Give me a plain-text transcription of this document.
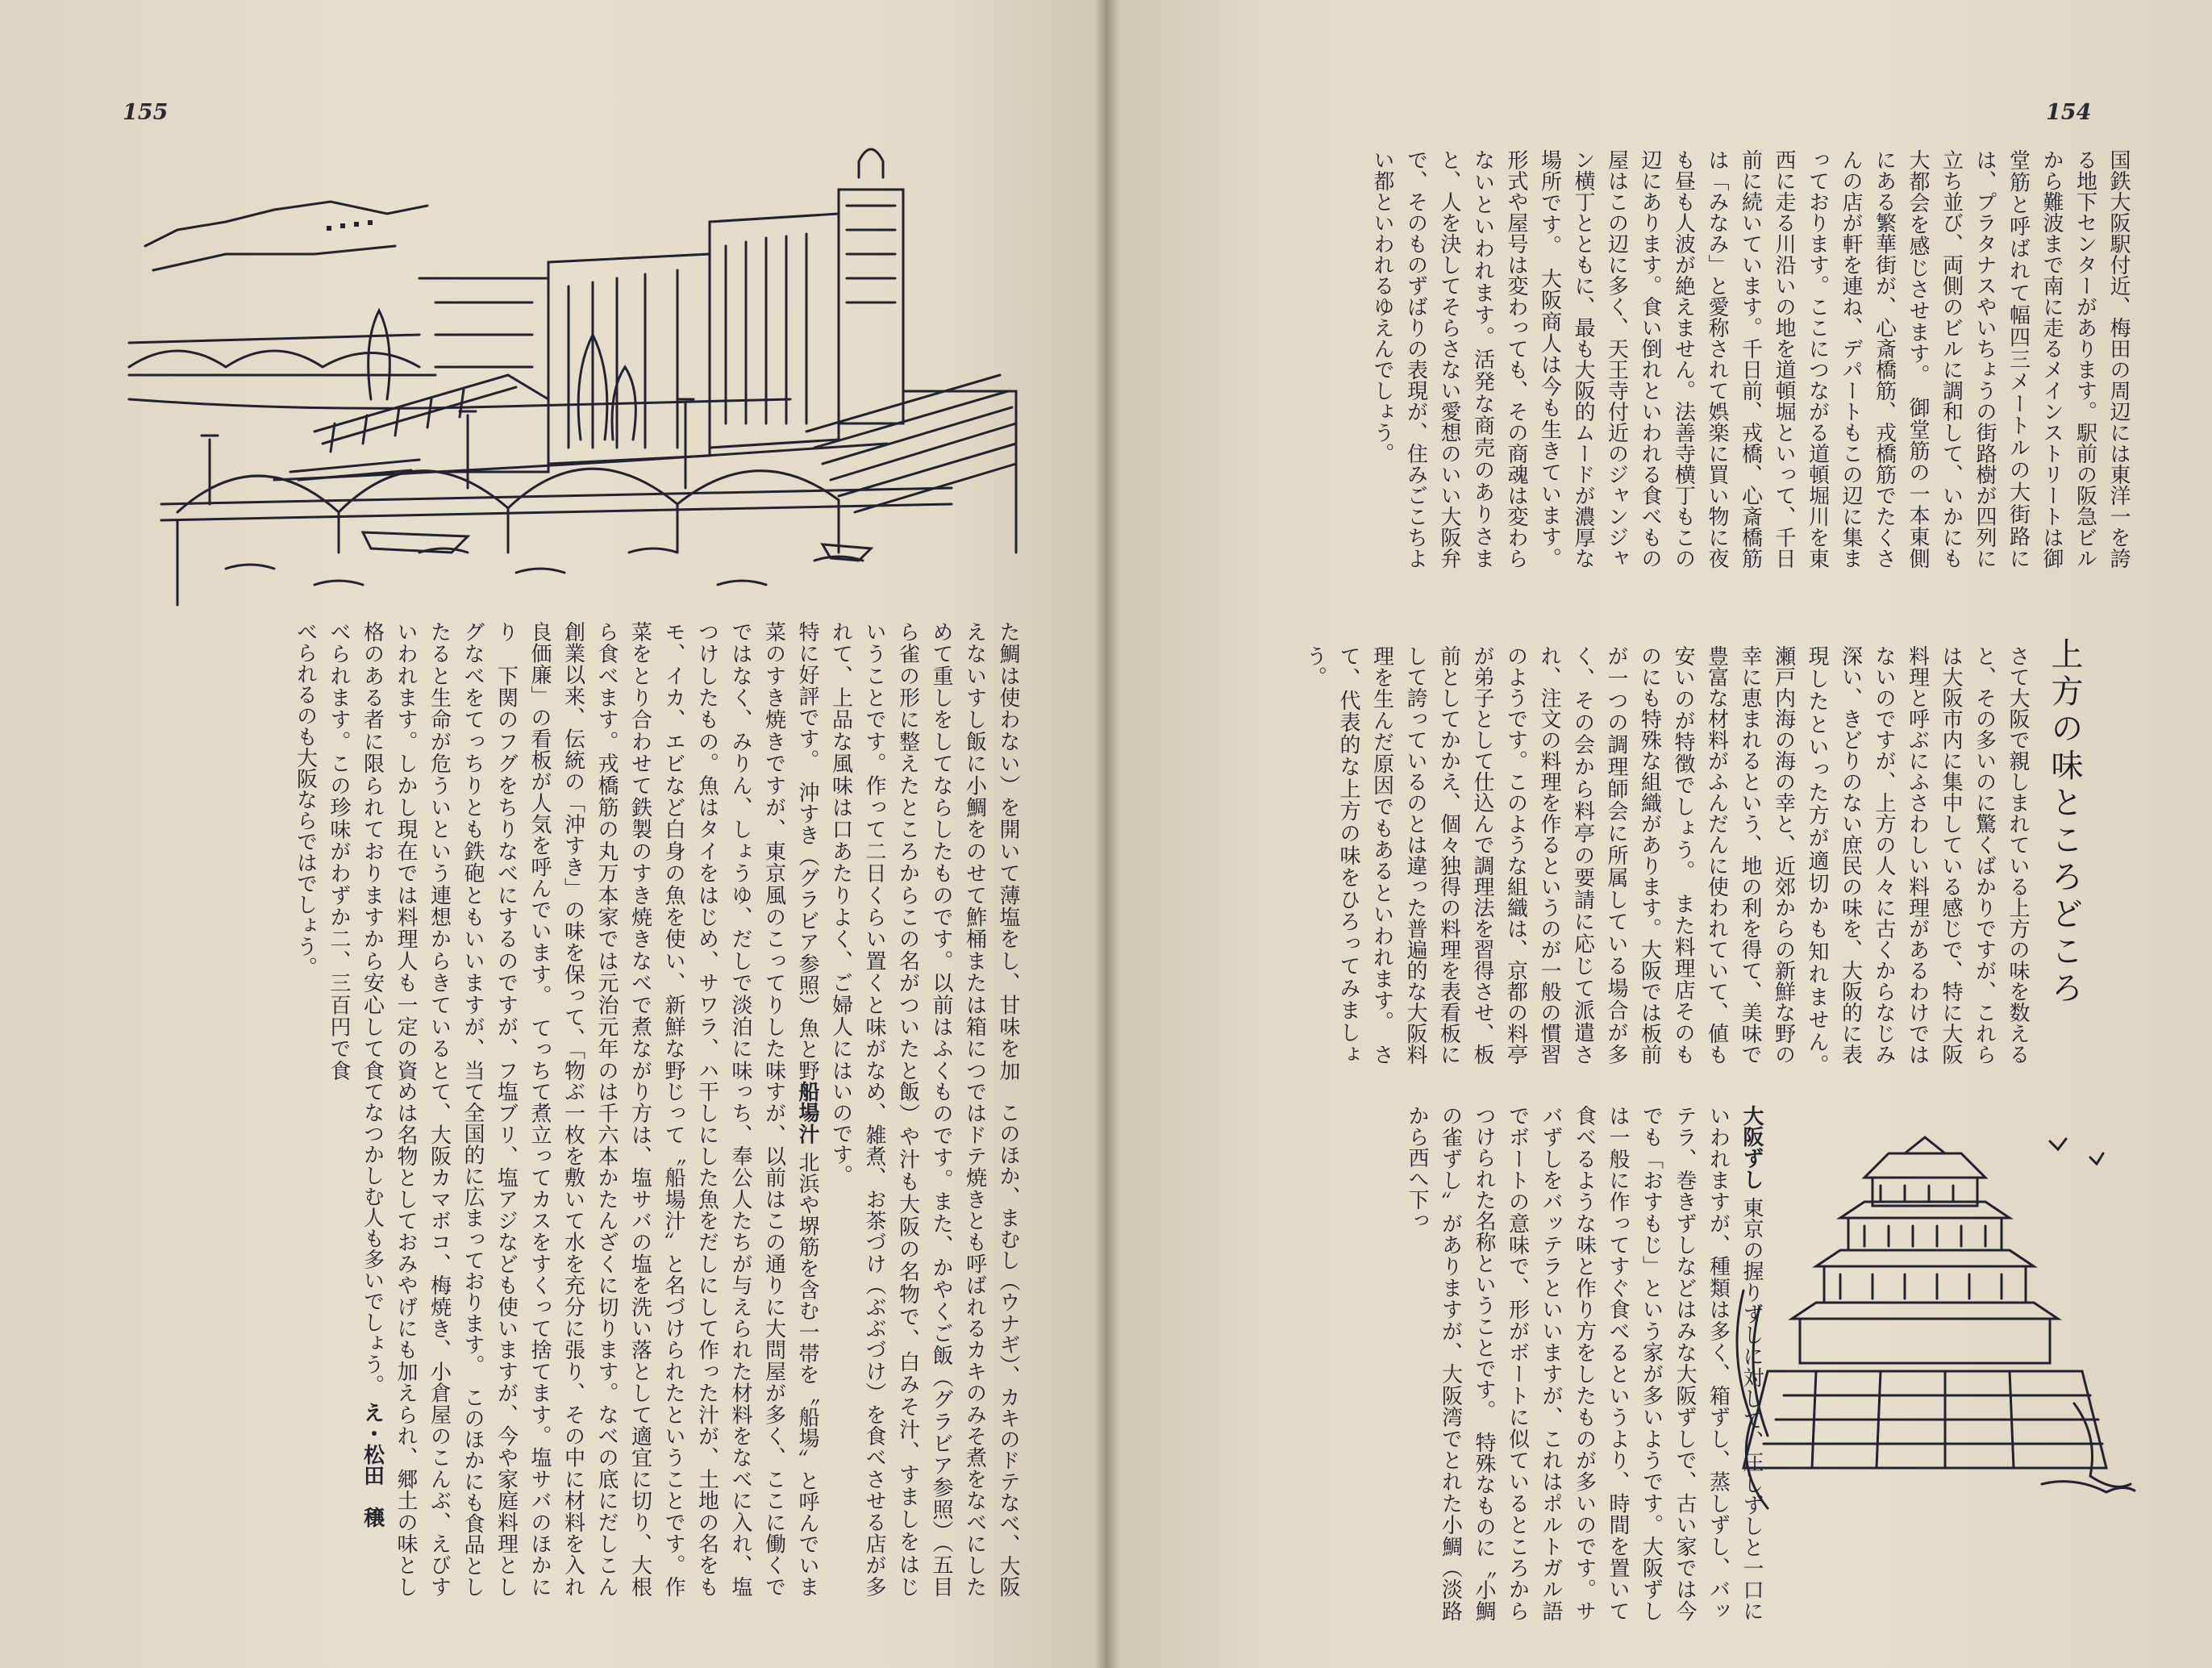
155

た鯛は使わない）を開いて薄塩をし、甘味を加えないすし飯に小鯛をのせて鮓桶または箱につめて重しをしてならしたものです。以前はふくら雀の形に整えたところからこの名がついたということです。作って二日くらい置くと味がなれて、上品な風味は口あたりよく、ご婦人には特に好評です。　沖すき（グラビア参照）魚と野菜のすき焼きですが、東京風のこってりした味ではなく、みりん、しょうゆ、だしで淡泊に味つけしたもの。魚はタイをはじめ、サワラ、ハモ、イカ、エビなど白身の魚を使い、新鮮な野菜をとり合わせて鉄製のすき焼きなべで煮ながら食べます。戎橋筋の丸万本家では元治元年の創業以来、伝統の「沖すき」の味を保って、「物良価廉」の看板が人気を呼んでいます。　てっちり　下関のフグをちりなべにするのですが、フグなべをてっちりとも鉄砲ともいいますが、当たると生命が危ういという連想からきているといわれます。しかし現在では料理人も一定の資格のある者に限られておりますから安心して食べられます。この珍味がわずか二、三百円で食べられるのも大阪ならではでしょう。

　このほか、まむし（ウナギ）、カキのドテなべ、大阪ではドテ焼きとも呼ばれるカキのみそ煮をなべにしたものです。また、かやくご飯（グラビア参照）（五目飯）や汁も大阪の名物で、白みそ汁、すましをはじめ、雑煮、お茶づけ（ぶぶづけ）を食べさせる店が多いのです。

船場汁 北浜や堺筋を含む一帯を〝船場〟と呼んでいますが、以前はこの通りに大問屋が多く、ここに働くでっち、奉公人たちが与えられた材料をなべに入れ、塩干しにした魚をだしにして作った汁が、土地の名をもじって〝船場汁〟と名づけられたということです。作り方は、塩サバの塩を洗い落として適宜に切り、大根は千六本かたんざくに切ります。なべの底にだしこんぶ一枚を敷いて水を充分に張り、その中に材料を入れて煮立ってカスをすくって捨てます。塩サバのほかに塩ブリ、塩アジなども使いますが、今や家庭料理として全国的に広まっております。　このほかにも食品として、大阪カマボコ、梅焼き、小倉屋のこんぶ、えびすめは名物としておみやげにも加えられ、郷土の味としてなつかしむ人も多いでしょう。 え・松田　穣

154

国鉄大阪駅付近、梅田の周辺には東洋一を誇る地下センターがあります。駅前の阪急ビルから難波まで南に走るメインストリートは御堂筋と呼ばれて幅四三メートルの大街路には、プラタナスやいちょうの街路樹が四列に立ち並び、両側のビルに調和して、いかにも大都会を感じさせます。　御堂筋の一本東側にある繁華街が、心斎橋筋、戎橋筋でたくさんの店が軒を連ね、デパートもこの辺に集まっております。ここにつながる道頓堀川を東西に走る川沿いの地を道頓堀といって、千日前に続いています。千日前、戎橋、心斎橋筋は「みなみ」と愛称されて娯楽に買い物に夜も昼も人波が絶えません。法善寺横丁もこの辺にあります。食い倒れといわれる食べもの屋はこの辺に多く、天王寺付近のジャンジャン横丁とともに、最も大阪的ムードが濃厚な場所です。　大阪商人は今も生きています。形式や屋号は変わっても、その商魂は変わらないといわれます。活発な商売のありさまと、人を決してそらさない愛想のいい大阪弁で、そのものずばりの表現が、住みごこちよい都といわれるゆえんでしょう。

上方の味ところどころ

さて大阪で親しまれている上方の味を数えると、その多いのに驚くばかりですが、これらは大阪市内に集中している感じで、特に大阪料理と呼ぶにふさわしい料理があるわけではないのですが、上方の人々に古くからなじみ深い、きどりのない庶民の味を、大阪的に表現したといった方が適切かも知れません。　瀬戸内海の海の幸と、近郊からの新鮮な野の幸に恵まれるという、地の利を得て、美味で豊富な材料がふんだんに使われていて、値も安いのが特徴でしょう。　また料理店そのものにも特殊な組織があります。大阪では板前が一つの調理師会に所属している場合が多く、その会から料亭の要請に応じて派遣され、注文の料理を作るというのが一般の慣習のようです。このような組織は、京都の料亭が弟子として仕込んで調理法を習得させ、板前としてかかえ、個々独得の料理を表看板にして誇っているのとは違った普遍的な大阪料理を生んだ原因でもあるといわれます。　さて、代表的な上方の味をひろってみましょう。

大阪ずし 東京の握りずしに対して、圧しずしと一口にいわれますが、種類は多く、箱ずし、蒸しずし、バッテラ、巻きずしなどはみな大阪ずしで、古い家では今でも「おすもじ」という家が多いようです。大阪ずしは一般に作ってすぐ食べるというより、時間を置いて食べるような味と作り方をしたものが多いのです。サバずしをバッテラといいますが、これはポルトガル語でボートの意味で、形がボートに似ているところからつけられた名称ということです。　特殊なものに〝小鯛の雀ずし〟がありますが、大阪湾でとれた小鯛（淡路から西へ下っ
